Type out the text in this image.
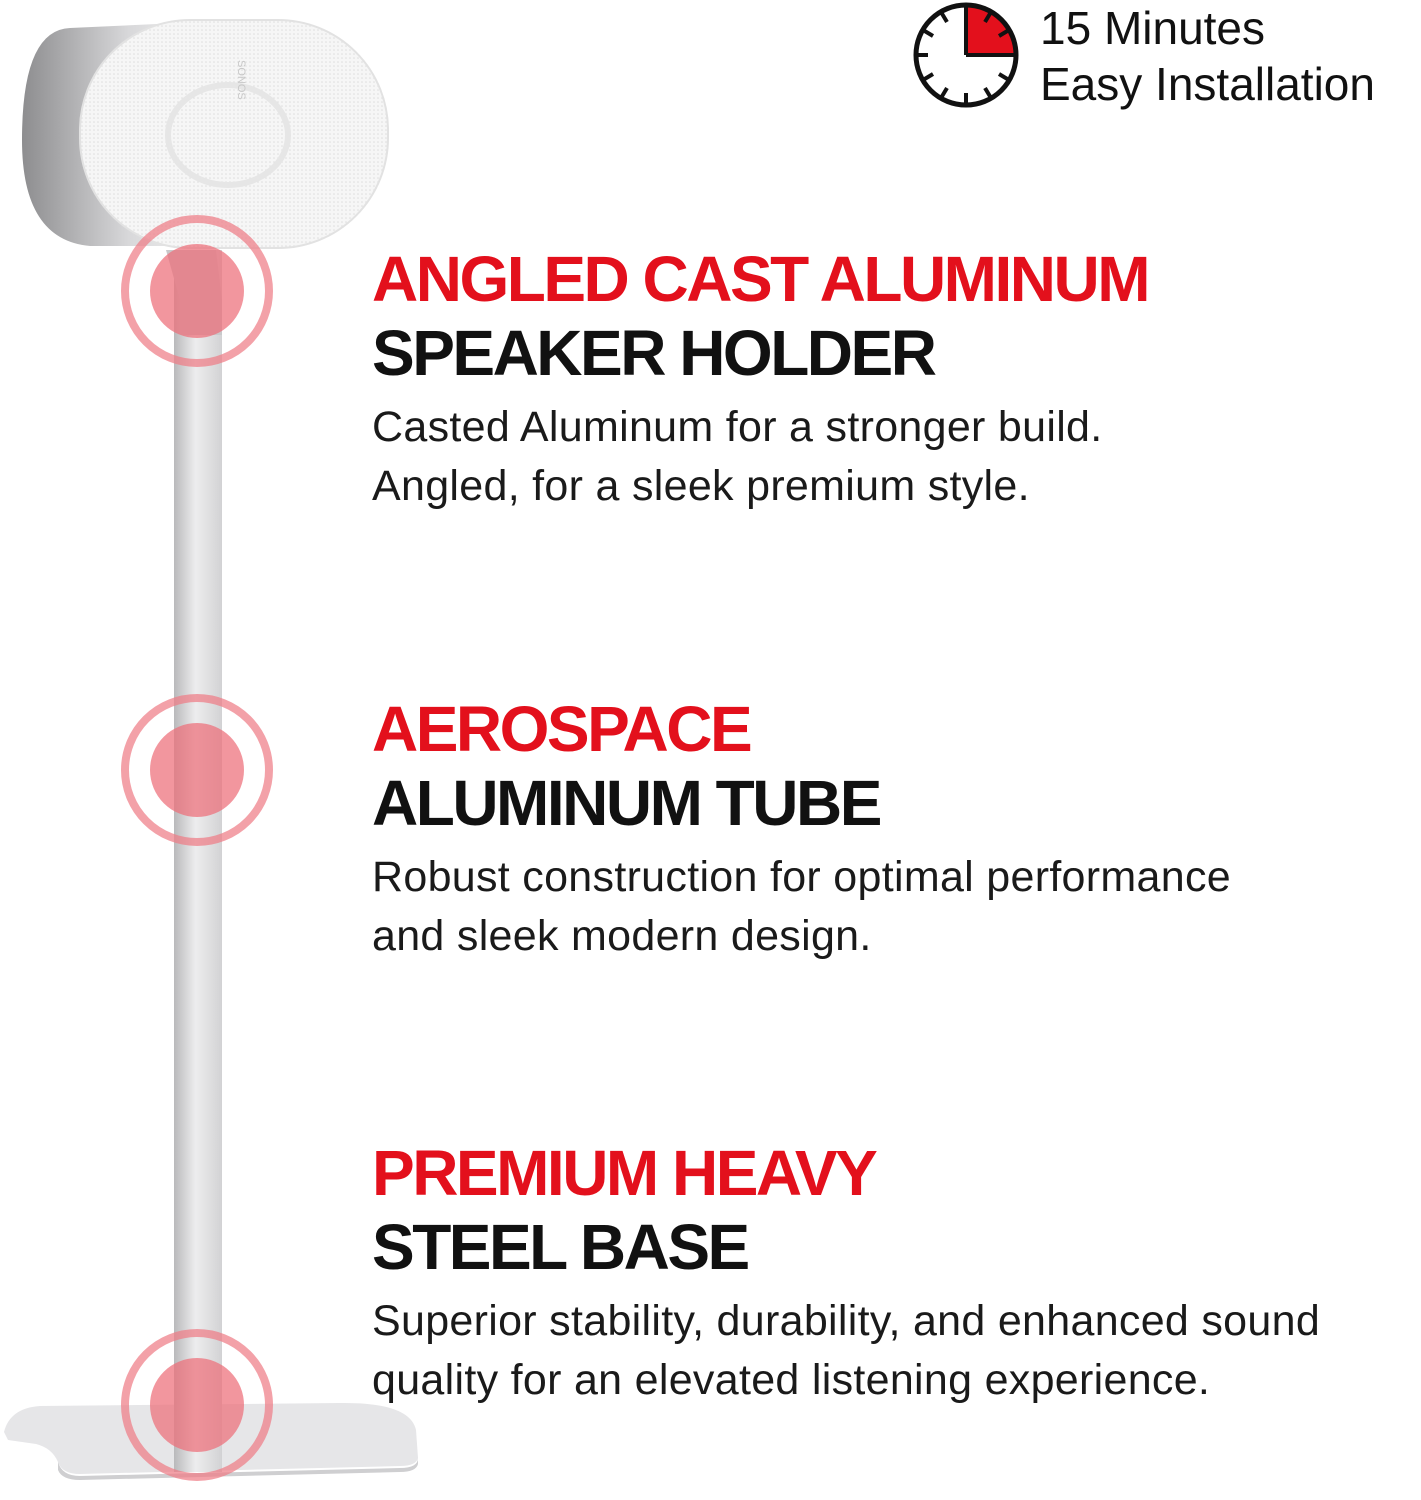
SONOS
15 Minutes
Easy Installation
ANGLED CAST ALUMINUM
SPEAKER HOLDER
Casted Aluminum for a stronger build.
Angled, for a sleek premium style.
AEROSPACE
ALUMINUM TUBE
Robust construction for optimal performance
and sleek modern design.
PREMIUM HEAVY
STEEL BASE
Superior stability, durability, and enhanced sound
quality for an elevated listening experience.
